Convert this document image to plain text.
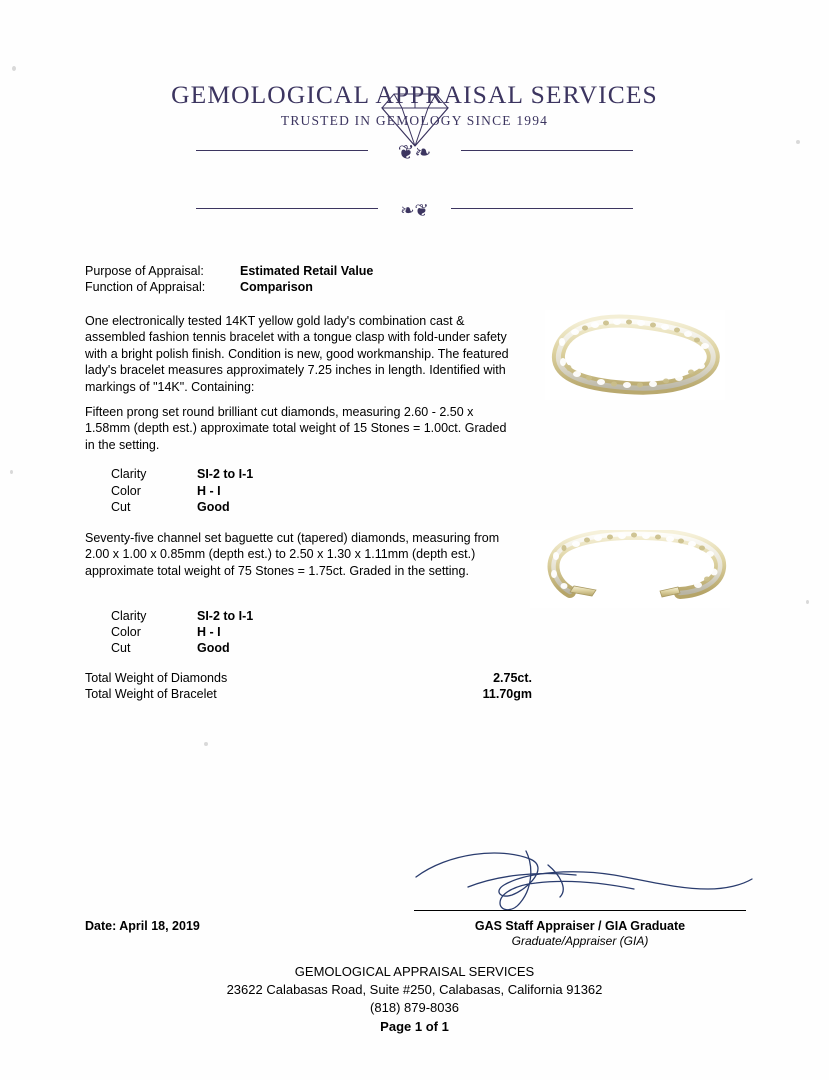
❦❧
GEMOLOGICAL APPRAISAL SERVICES
TRUSTED IN GEMOLOGY SINCE 1994
❧❦
Purpose of Appraisal:	Estimated Retail Value
Function of Appraisal:	Comparison
One electronically tested 14KT yellow gold lady's combination cast & assembled fashion tennis bracelet with a tongue clasp with fold-under safety with a bright polish finish. Condition is new, good workmanship. The featured lady's bracelet measures approximately 7.25 inches in length. Identified with markings of "14K". Containing:
Fifteen prong set round brilliant cut diamonds, measuring 2.60 - 2.50 x 1.58mm (depth est.) approximate total weight of 15 Stones = 1.00ct. Graded in the setting.
Clarity	SI-2 to I-1
Color	H - I
Cut	Good
Seventy-five channel set baguette cut (tapered) diamonds, measuring from 2.00 x 1.00 x 0.85mm (depth est.) to 2.50 x 1.30 x 1.11mm (depth est.) approximate total weight of 75 Stones = 1.75ct. Graded in the setting.
Clarity	SI-2 to I-1
Color	H - I
Cut	Good
Total Weight of Diamonds	2.75ct.
Total Weight of Bracelet	11.70gm
Date: April 18, 2019	GAS Staff Appraiser / GIA Graduate
Graduate/Appraiser (GIA)
GEMOLOGICAL APPRAISAL SERVICES
23622 Calabasas Road, Suite #250, Calabasas, California 91362
(818) 879-8036
Page 1 of 1
